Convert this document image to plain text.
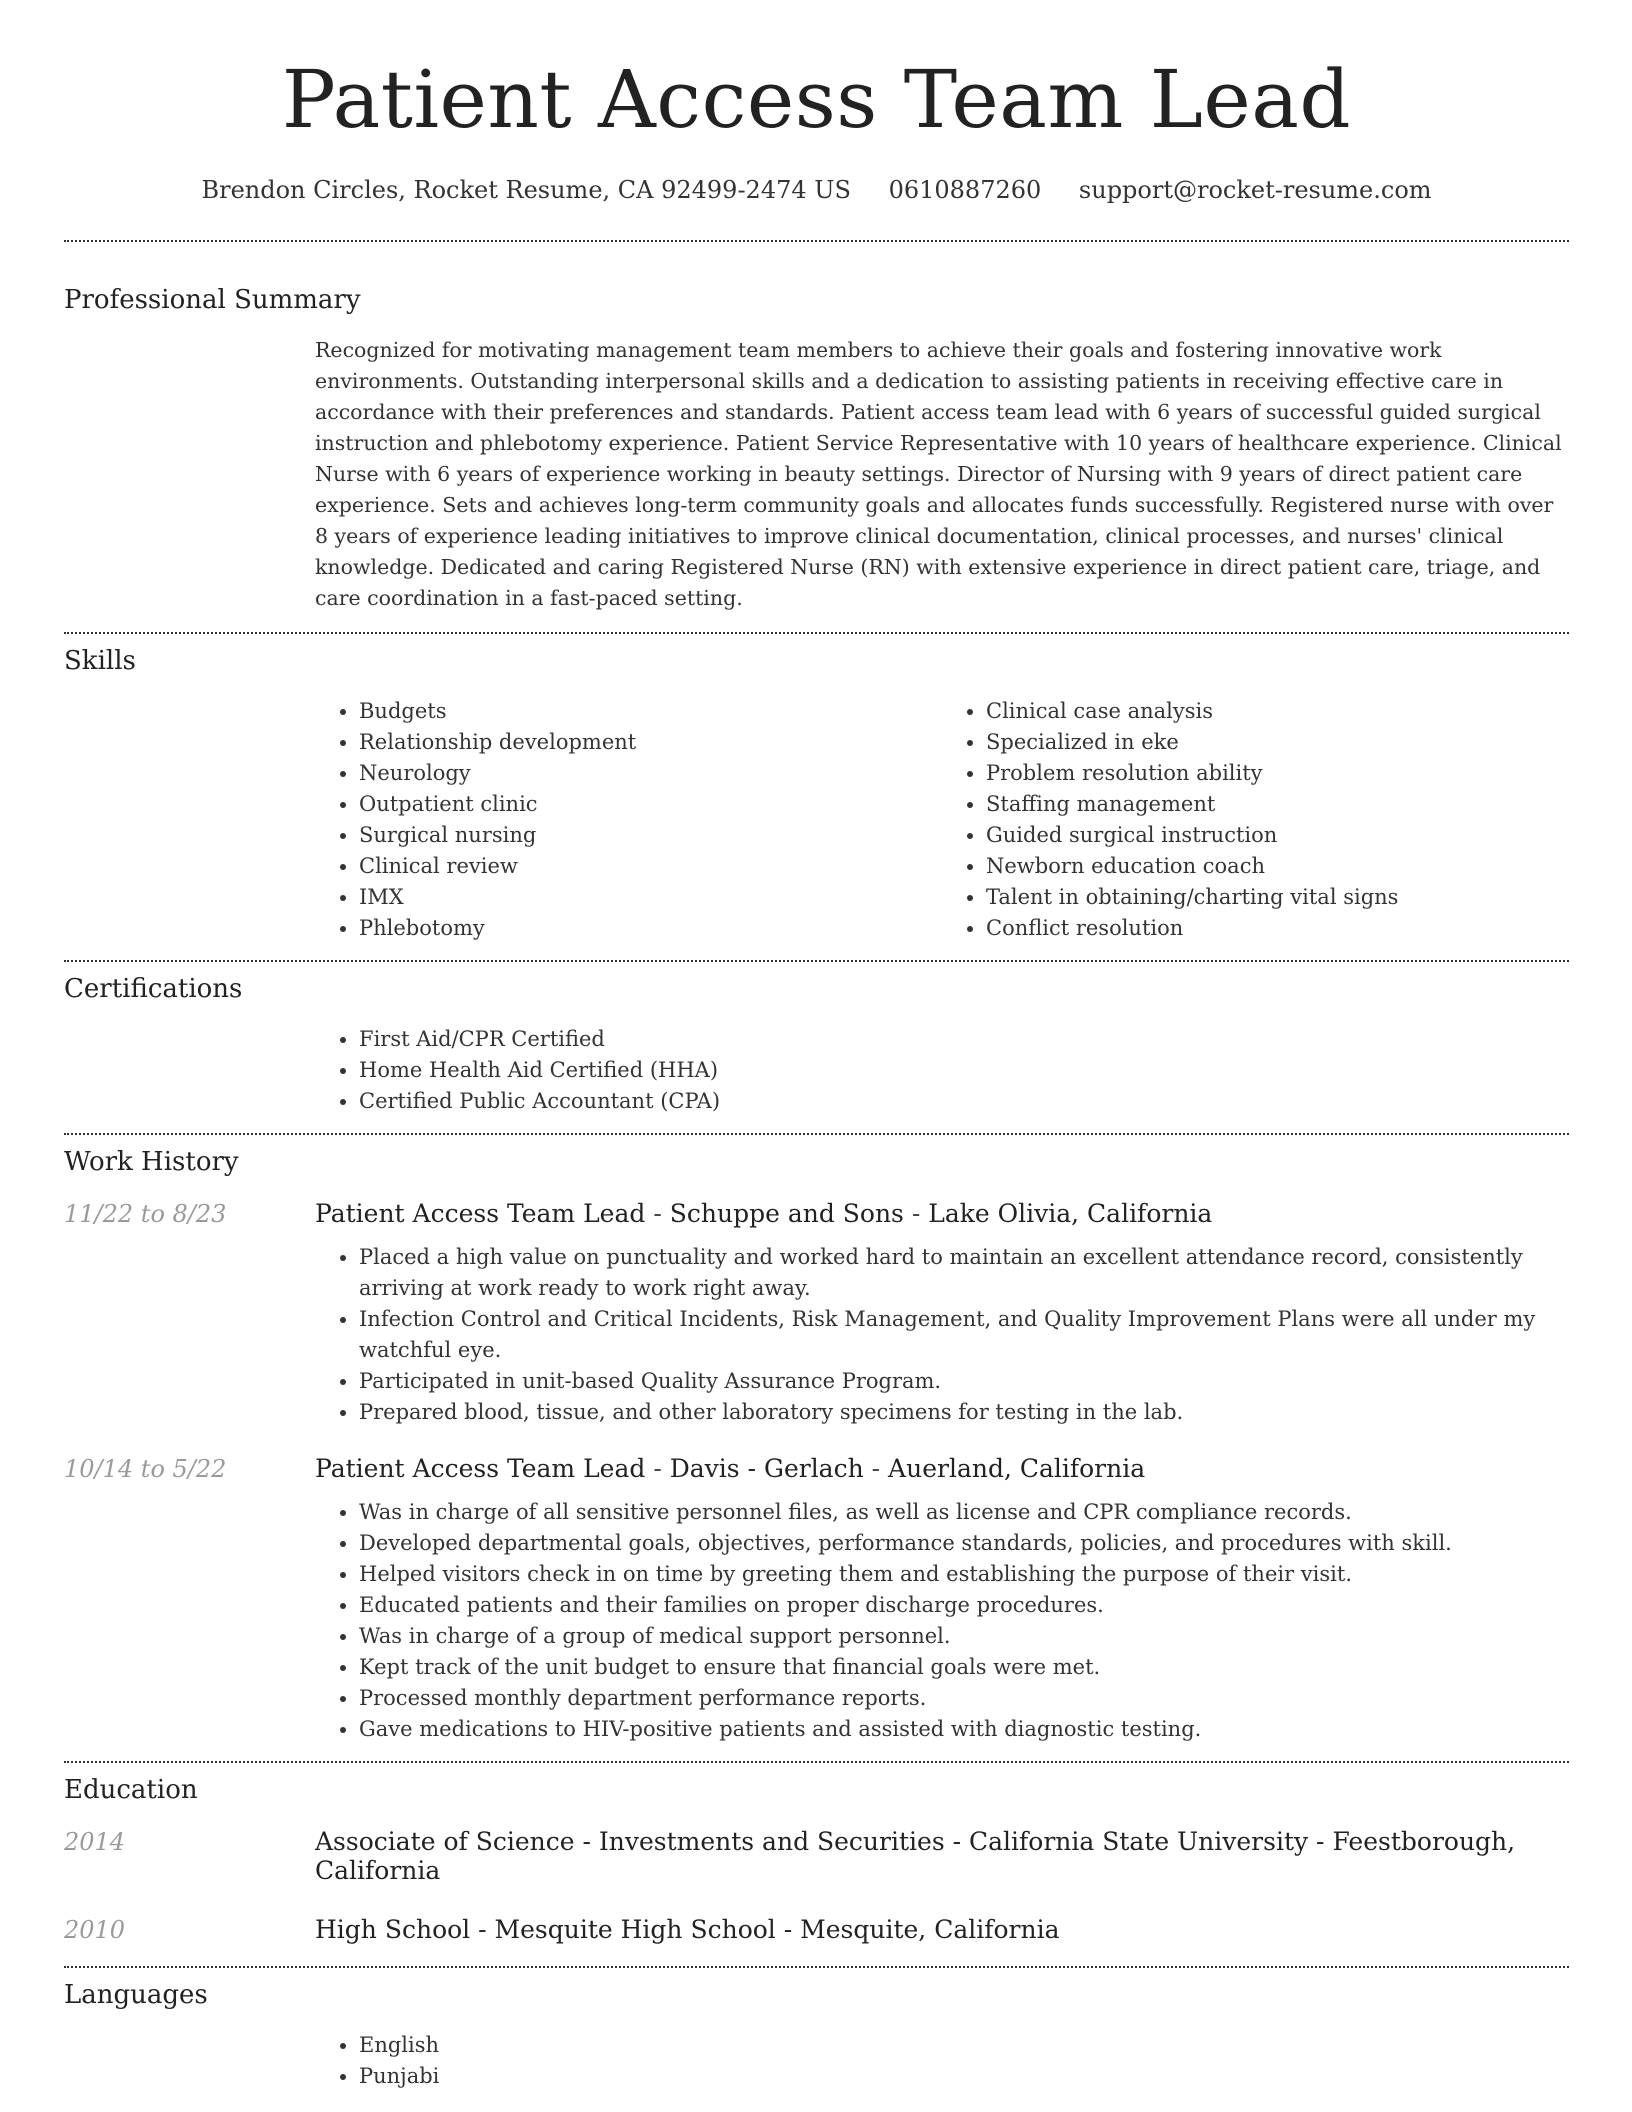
Patient Access Team Lead
Brendon Circles, Rocket Resume, CA 92499-2474 US 0610887260 support@rocket-resume.com
Professional Summary

Recognized for motivating management team members to achieve their goals and fostering innovative work environments. Outstanding interpersonal skills and a dedication to assisting patients in receiving effective care in accordance with their preferences and standards. Patient access team lead with 6 years of successful guided surgical instruction and phlebotomy experience. Patient Service Representative with 10 years of healthcare experience. Clinical Nurse with 6 years of experience working in beauty settings. Director of Nursing with 9 years of direct patient care experience. Sets and achieves long-term community goals and allocates funds successfully. Registered nurse with over 8 years of experience leading initiatives to improve clinical documentation, clinical processes, and nurses' clinical knowledge. Dedicated and caring Registered Nurse (RN) with extensive experience in direct patient care, triage, and care coordination in a fast-paced setting.

Skills
• Budgets
• Relationship development
• Neurology
• Outpatient clinic
• Surgical nursing
• Clinical review
• IMX
• Phlebotomy
• Clinical case analysis
• Specialized in eke
• Problem resolution ability
• Staffing management
• Guided surgical instruction
• Newborn education coach
• Talent in obtaining/charting vital signs
• Conflict resolution
Certifications
• First Aid/CPR Certified
• Home Health Aid Certified (HHA)
• Certified Public Accountant (CPA)
Work History
11/22 to 8/23	Patient Access Team Lead - Schuppe and Sons - Lake Olivia, California
• Placed a high value on punctuality and worked hard to maintain an excellent attendance record, consistently arriving at work ready to work right away.
• Infection Control and Critical Incidents, Risk Management, and Quality Improvement Plans were all under my watchful eye.
• Participated in unit-based Quality Assurance Program.
• Prepared blood, tissue, and other laboratory specimens for testing in the lab.
10/14 to 5/22	Patient Access Team Lead - Davis - Gerlach - Auerland, California
• Was in charge of all sensitive personnel files, as well as license and CPR compliance records.
• Developed departmental goals, objectives, performance standards, policies, and procedures with skill.
• Helped visitors check in on time by greeting them and establishing the purpose of their visit.
• Educated patients and their families on proper discharge procedures.
• Was in charge of a group of medical support personnel.
• Kept track of the unit budget to ensure that financial goals were met.
• Processed monthly department performance reports.
• Gave medications to HIV-positive patients and assisted with diagnostic testing.
Education
2014	Associate of Science - Investments and Securities - California State University - Feestborough, California
2010	High School - Mesquite High School - Mesquite, California
Languages
• English
• Punjabi
